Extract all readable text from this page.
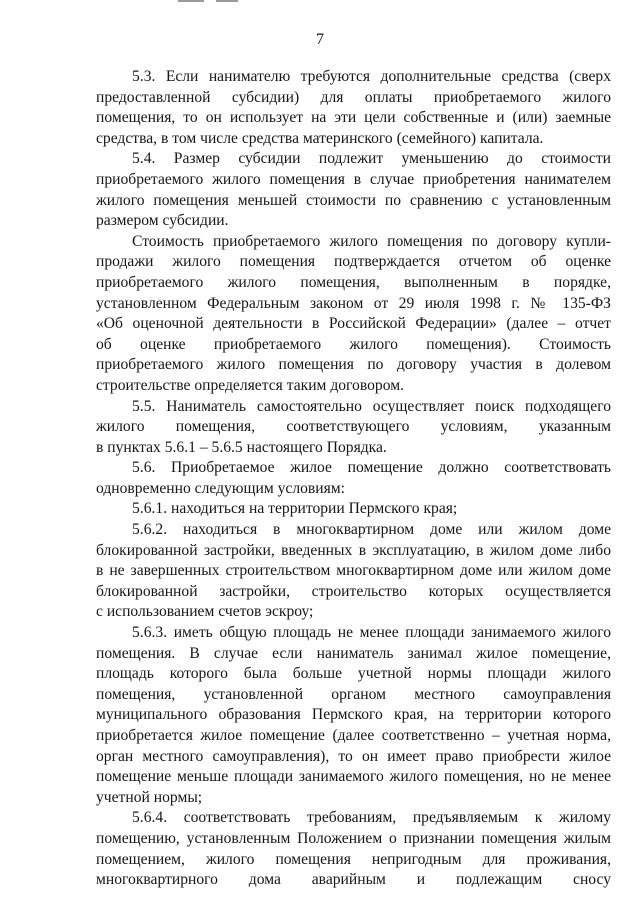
7
5.3. Если нанимателю требуются дополнительные средства (сверх
предоставленной субсидии) для оплаты приобретаемого жилого
помещения, то он использует на эти цели собственные и (или) заемные
средства, в том числе средства материнского (семейного) капитала.
5.4. Размер субсидии подлежит уменьшению до стоимости
приобретаемого жилого помещения в случае приобретения нанимателем
жилого помещения меньшей стоимости по сравнению с установленным
размером субсидии.
Стоимость приобретаемого жилого помещения по договору купли-
продажи жилого помещения подтверждается отчетом об оценке
приобретаемого жилого помещения, выполненным в порядке,
установленном Федеральным законом от 29 июля 1998 г. № 135-ФЗ
«Об оценочной деятельности в Российской Федерации» (далее – отчет
об оценке приобретаемого жилого помещения). Стоимость
приобретаемого жилого помещения по договору участия в долевом
строительстве определяется таким договором.
5.5. Наниматель самостоятельно осуществляет поиск подходящего
жилого помещения, соответствующего условиям, указанным
в пунктах 5.6.1 – 5.6.5 настоящего Порядка.
5.6. Приобретаемое жилое помещение должно соответствовать
одновременно следующим условиям:
5.6.1. находиться на территории Пермского края;
5.6.2. находиться в многоквартирном доме или жилом доме
блокированной застройки, введенных в эксплуатацию, в жилом доме либо
в не завершенных строительством многоквартирном доме или жилом доме
блокированной застройки, строительство которых осуществляется
с использованием счетов эскроу;
5.6.3. иметь общую площадь не менее площади занимаемого жилого
помещения. В случае если наниматель занимал жилое помещение,
площадь которого была больше учетной нормы площади жилого
помещения, установленной органом местного самоуправления
муниципального образования Пермского края, на территории которого
приобретается жилое помещение (далее соответственно – учетная норма,
орган местного самоуправления), то он имеет право приобрести жилое
помещение меньше площади занимаемого жилого помещения, но не менее
учетной нормы;
5.6.4. соответствовать требованиям, предъявляемым к жилому
помещению, установленным Положением о признании помещения жилым
помещением, жилого помещения непригодным для проживания,
многоквартирного дома аварийным и подлежащим сносу
